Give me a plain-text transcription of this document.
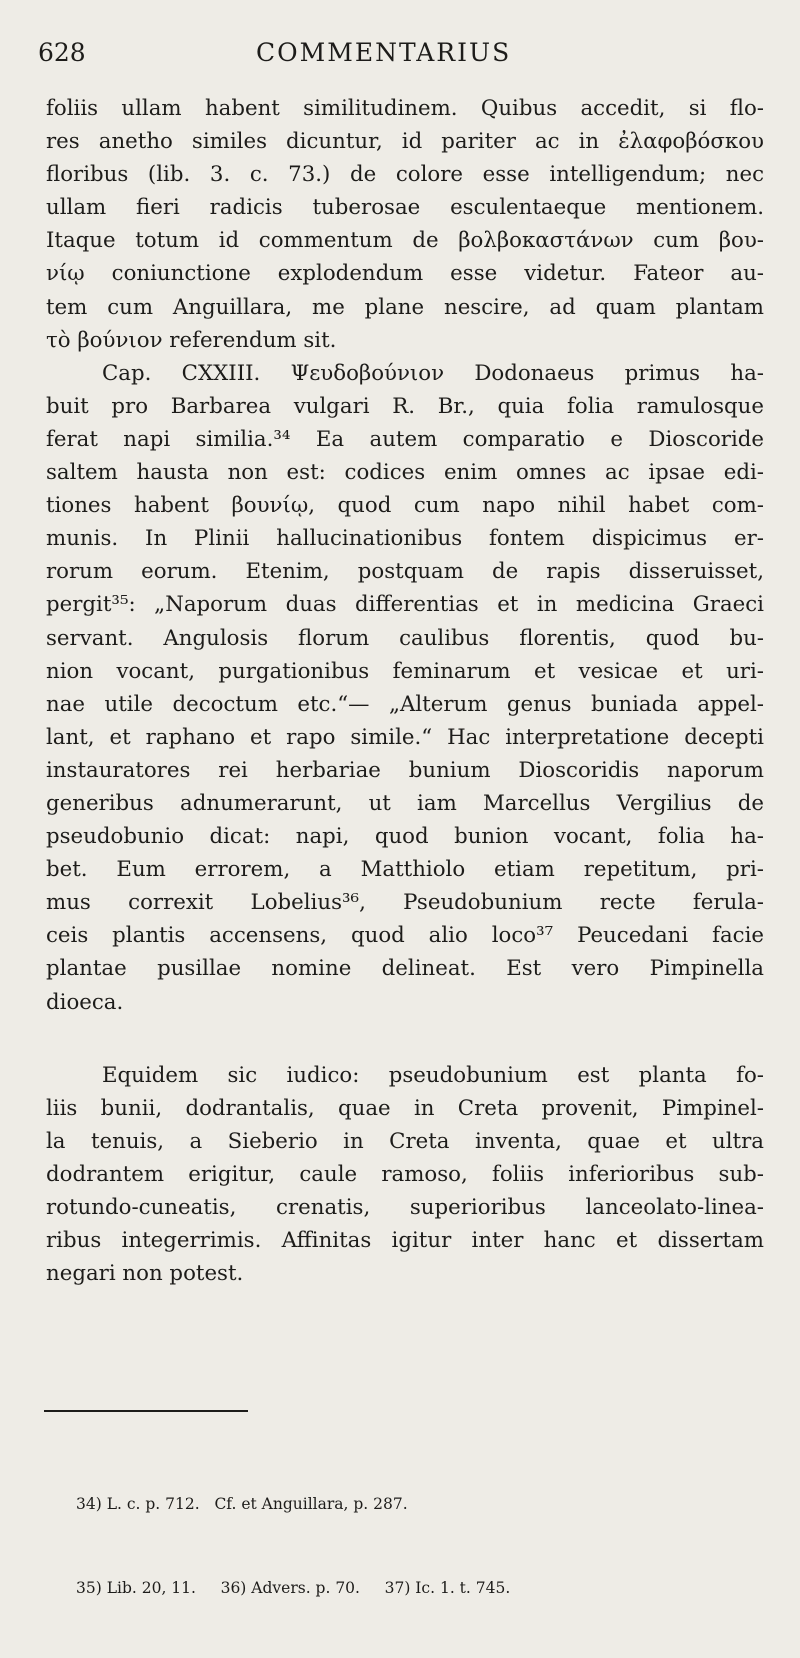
628	COMMENTARIUS
foliis ullam habent similitudinem. Quibus accedit, si flo-
res anetho similes dicuntur, id pariter ac in ἐλαφοβόσκου
floribus (lib. 3. c. 73.) de colore esse intelligendum; nec
ullam fieri radicis tuberosae esculentaeque mentionem.
Itaque totum id commentum de βολβοκαστάνων cum βου-
νίῳ coniunctione explodendum esse videtur. Fateor au-
tem cum Anguillara, me plane nescire, ad quam plantam
τὸ βούνιον referendum sit.
Cap. CXXIII. Ψευδοβούνιον Dodonaeus primus ha-
buit pro Barbarea vulgari R. Br., quia folia ramulosque
ferat napi similia.³⁴ Ea autem comparatio e Dioscoride
saltem hausta non est: codices enim omnes ac ipsae edi-
tiones habent βουνίῳ, quod cum napo nihil habet com-
munis. In Plinii hallucinationibus fontem dispicimus er-
rorum eorum. Etenim, postquam de rapis disseruisset,
pergit³⁵: „Naporum duas differentias et in medicina Graeci
servant. Angulosis florum caulibus florentis, quod bu-
nion vocant, purgationibus feminarum et vesicae et uri-
nae utile decoctum etc.“— „Alterum genus buniada appel-
lant, et raphano et rapo simile.“ Hac interpretatione decepti
instauratores rei herbariae bunium Dioscoridis naporum
generibus adnumerarunt, ut iam Marcellus Vergilius de
pseudobunio dicat: napi, quod bunion vocant, folia ha-
bet. Eum errorem, a Matthiolo etiam repetitum, pri-
mus correxit Lobelius³⁶, Pseudobunium recte ferula-
ceis plantis accensens, quod alio loco³⁷ Peucedani facie
plantae pusillae nomine delineat. Est vero Pimpinella
dioeca.
Equidem sic iudico: pseudobunium est planta fo-
liis bunii, dodrantalis, quae in Creta provenit, Pimpinel-
la tenuis, a Sieberio in Creta inventa, quae et ultra
dodrantem erigitur, caule ramoso, foliis inferioribus sub-
rotundo-cuneatis, crenatis, superioribus lanceolato-linea-
ribus integerrimis. Affinitas igitur inter hanc et dissertam
negari non potest.

34) L. c. p. 712.   Cf. et Anguillara, p. 287.

35) Lib. 20, 11.     36) Advers. p. 70.     37) Ic. 1. t. 745.
